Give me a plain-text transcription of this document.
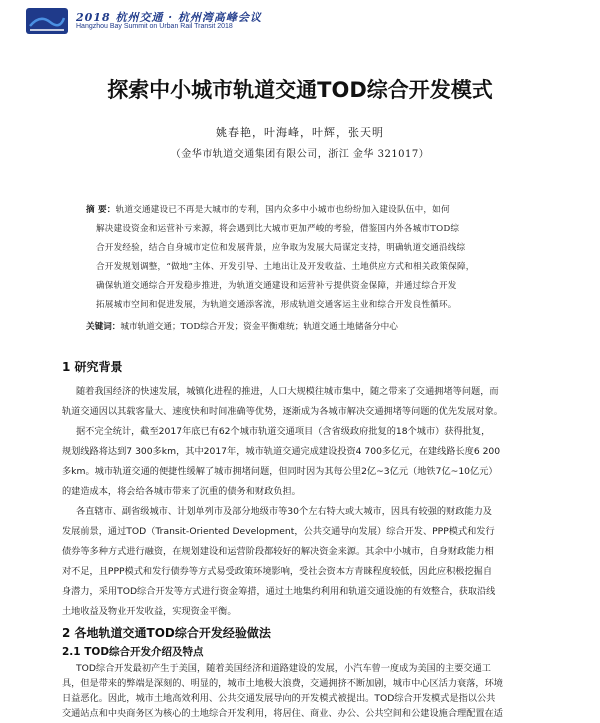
2018 杭州交通 · 杭州湾高峰会议
Hangzhou Bay Summit on Urban Rail Transit 2018
探索中小城市轨道交通TOD综合开发模式
姚春艳，叶海峰，叶辉，张天明
（金华市轨道交通集团有限公司，浙江 金华 321017）
摘 要：轨道交通建设已不再是大城市的专利，国内众多中小城市也纷纷加入建设队伍中，如何
解决建设资金和运营补亏来源，将会遇到比大城市更加严峻的考验，借鉴国内外各城市TOD综
合开发经验，结合自身城市定位和发展背景，应争取为发展大局谋定支持，明确轨道交通沿线综
合开发规划调整，“做地”主体、开发引导、土地出让及开发收益、土地供应方式和相关政策保障，
确保轨道交通综合开发稳步推进，为轨道交通建设和运营补亏提供资金保障，并通过综合开发
拓展城市空间和促进发展，为轨道交通添客流，形成轨道交通客运主业和综合开发良性循环。
关键词：城市轨道交通；TOD综合开发；资金平衡难统；轨道交通土地储备分中心
1 研究背景
随着我国经济的快速发展，城镇化进程的推进，人口大规模往城市集中，随之带来了交通拥堵等问题，而
轨道交通因以其载客量大、速度快和时间准确等优势，逐渐成为各城市解决交通拥堵等问题的优先发展对象。
据不完全统计，截至2017年底已有62个城市轨道交通项目（含省级政府批复的18个城市）获得批复，
规划线路将达到7 300多km，其中2017年，城市轨道交通完成建设投资4 700多亿元，在建线路长度6 200
多km。城市轨道交通的便捷性缓解了城市拥堵问题，但同时因为其每公里2亿~3亿元（地铁7亿~10亿元）
的建造成本，将会给各城市带来了沉重的债务和财政负担。
各直辖市、副省级城市、计划单列市及部分地级市等30个左右特大或大城市，因具有较强的财政能力及
发展前景，通过TOD（Transit-Oriented Development，公共交通导向发展）综合开发、PPP模式和发行
债券等多种方式进行融资，在规划建设和运营阶段都较好的解决资金来源。其余中小城市，自身财政能力相
对不足，且PPP模式和发行债券等方式易受政策环境影响，受社会资本方青睐程度较低，因此应积极挖掘自
身潜力，采用TOD综合开发等方式进行资金筹措，通过土地集约利用和轨道交通设施的有效整合，获取沿线
土地收益及物业开发收益，实现资金平衡。
2 各地轨道交通TOD综合开发经验做法
2.1 TOD综合开发介绍及特点
TOD综合开发最初产生于美国，随着美国经济和道路建设的发展，小汽车曾一度成为美国的主要交通工
具，但是带来的弊端是深刻的、明显的，城市土地极大浪费，交通拥挤不断加剧，城市中心区活力衰落，环境
日益恶化。因此，城市土地高效利用、公共交通发展导向的开发模式被提出。TOD综合开发模式是指以公共
交通站点和中央商务区为核心的土地综合开发利用，将居住、商业、办公、公共空间和公建设施合理配置在适
